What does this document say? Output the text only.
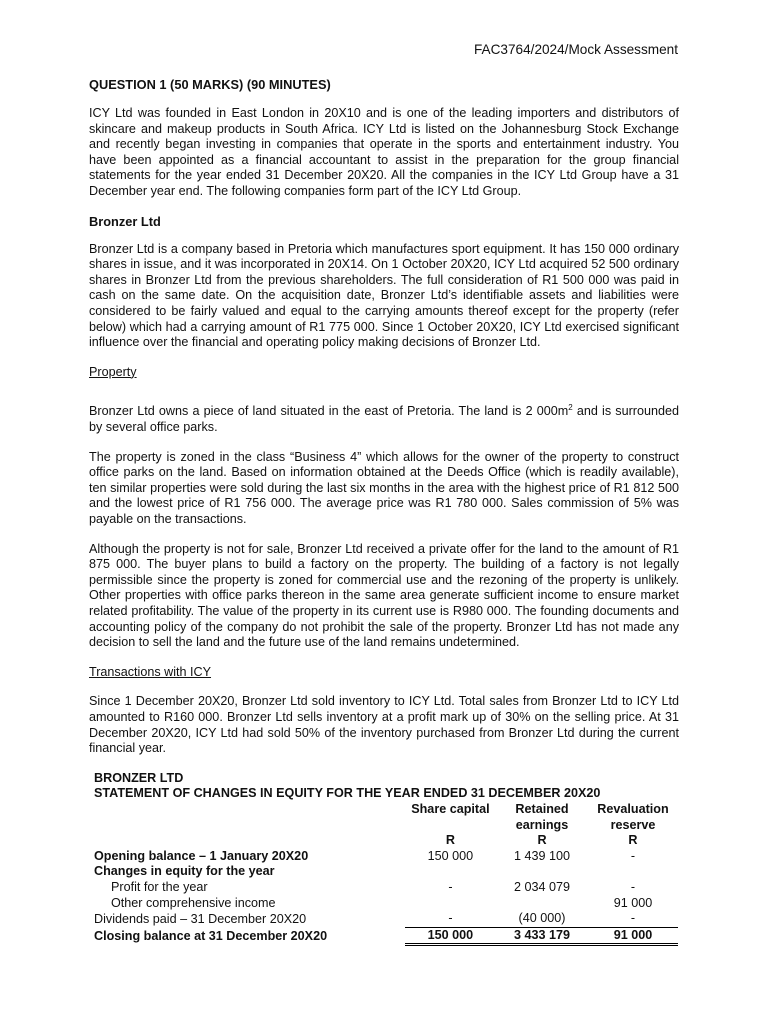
FAC3764/2024/Mock Assessment
QUESTION 1 (50 MARKS) (90 MINUTES)

ICY Ltd was founded in East London in 20X10 and is one of the leading importers and distributors of skincare and makeup products in South Africa. ICY Ltd is listed on the Johannesburg Stock Exchange and recently began investing in companies that operate in the sports and entertainment industry. You have been appointed as a financial accountant to assist in the preparation for the group financial statements for the year ended 31 December 20X20. All the companies in the ICY Ltd Group have a 31 December year end. The following companies form part of the ICY Ltd Group.

Bronzer Ltd

Bronzer Ltd is a company based in Pretoria which manufactures sport equipment. It has 150 000 ordinary shares in issue, and it was incorporated in 20X14. On 1 October 20X20, ICY Ltd acquired 52 500 ordinary shares in Bronzer Ltd from the previous shareholders. The full consideration of R1 500 000 was paid in cash on the same date. On the acquisition date, Bronzer Ltd’s identifiable assets and liabilities were considered to be fairly valued and equal to the carrying amounts thereof except for the property (refer below) which had a carrying amount of R1 775 000. Since 1 October 20X20, ICY Ltd exercised significant influence over the financial and operating policy making decisions of Bronzer Ltd.

Property

Bronzer Ltd owns a piece of land situated in the east of Pretoria. The land is 2 $000m^2$ and is surrounded by several office parks.

The property is zoned in the class “Business 4” which allows for the owner of the property to construct office parks on the land. Based on information obtained at the Deeds Office (which is readily available), ten similar properties were sold during the last six months in the area with the highest price of R1 812 500 and the lowest price of R1 756 000. The average price was R1 780 000. Sales commission of 5% was payable on the transactions.

Although the property is not for sale, Bronzer Ltd received a private offer for the land to the amount of R1 875 000. The buyer plans to build a factory on the property. The building of a factory is not legally permissible since the property is zoned for commercial use and the rezoning of the property is unlikely. Other properties with office parks thereon in the same area generate sufficient income to ensure market related profitability. The value of the property in its current use is R980 000. The founding documents and accounting policy of the company do not prohibit the sale of the property. Bronzer Ltd has not made any decision to sell the land and the future use of the land remains undetermined.

Transactions with ICY

Since 1 December 20X20, Bronzer Ltd sold inventory to ICY Ltd. Total sales from Bronzer Ltd to ICY Ltd amounted to R160 000. Bronzer Ltd sells inventory at a profit mark up of 30% on the selling price. At 31 December 20X20, ICY Ltd had sold 50% of the inventory purchased from Bronzer Ltd during the current financial year.

BRONZER LTD			
STATEMENT OF CHANGES IN EQUITY FOR THE YEAR ENDED 31 DECEMBER 20X20			
	Share capital	Retained	Revaluation
		earnings	reserve
	R	R	R
Opening balance – 1 January 20X20	150 000	1 439 100	-
Changes in equity for the year			
Profit for the year	-	2 034 079	-
Other comprehensive income			91 000
Dividends paid – 31 December 20X20	-	(40 000)	-
Closing balance at 31 December 20X20	150 000	3 433 179	91 000
